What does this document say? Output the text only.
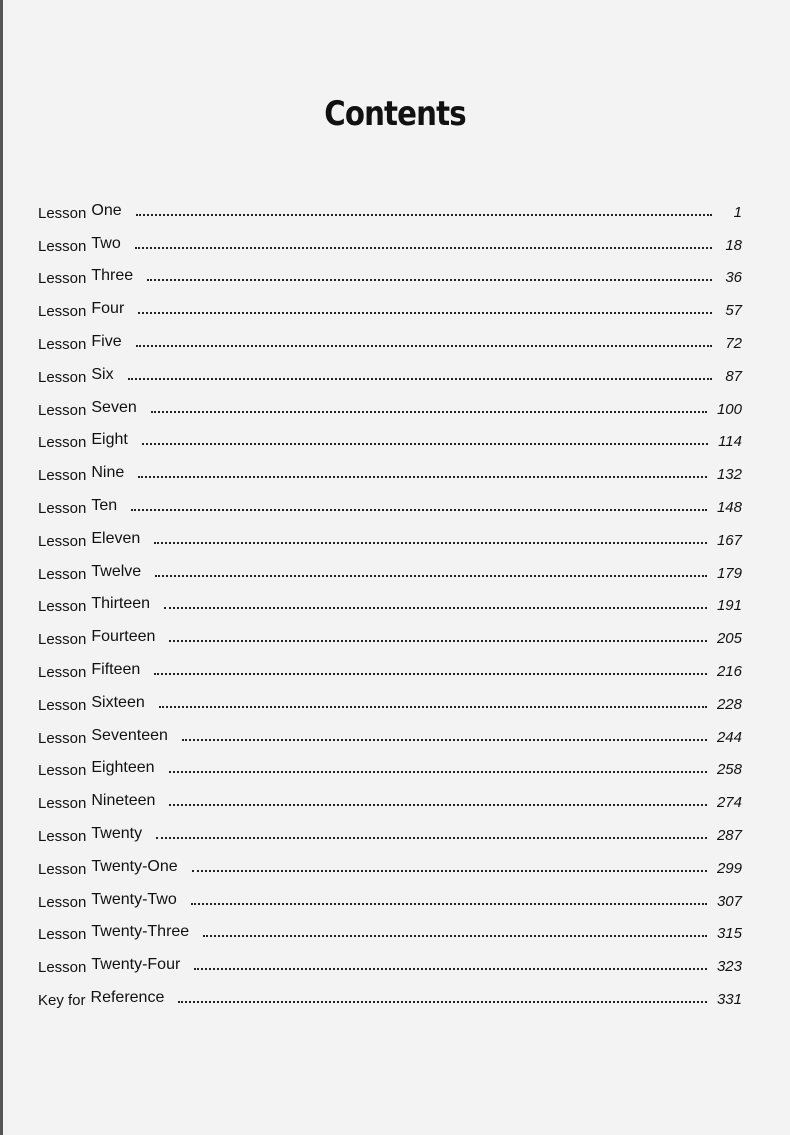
Contents
Lesson One	1
Lesson Two	18
Lesson Three	36
Lesson Four	57
Lesson Five	72
Lesson Six	87
Lesson Seven	100
Lesson Eight	114
Lesson Nine	132
Lesson Ten	148
Lesson Eleven	167
Lesson Twelve	179
Lesson Thirteen	191
Lesson Fourteen	205
Lesson Fifteen	216
Lesson Sixteen	228
Lesson Seventeen	244
Lesson Eighteen	258
Lesson Nineteen	274
Lesson Twenty	287
Lesson Twenty-One	299
Lesson Twenty-Two	307
Lesson Twenty-Three	315
Lesson Twenty-Four	323
Key for Reference	331
